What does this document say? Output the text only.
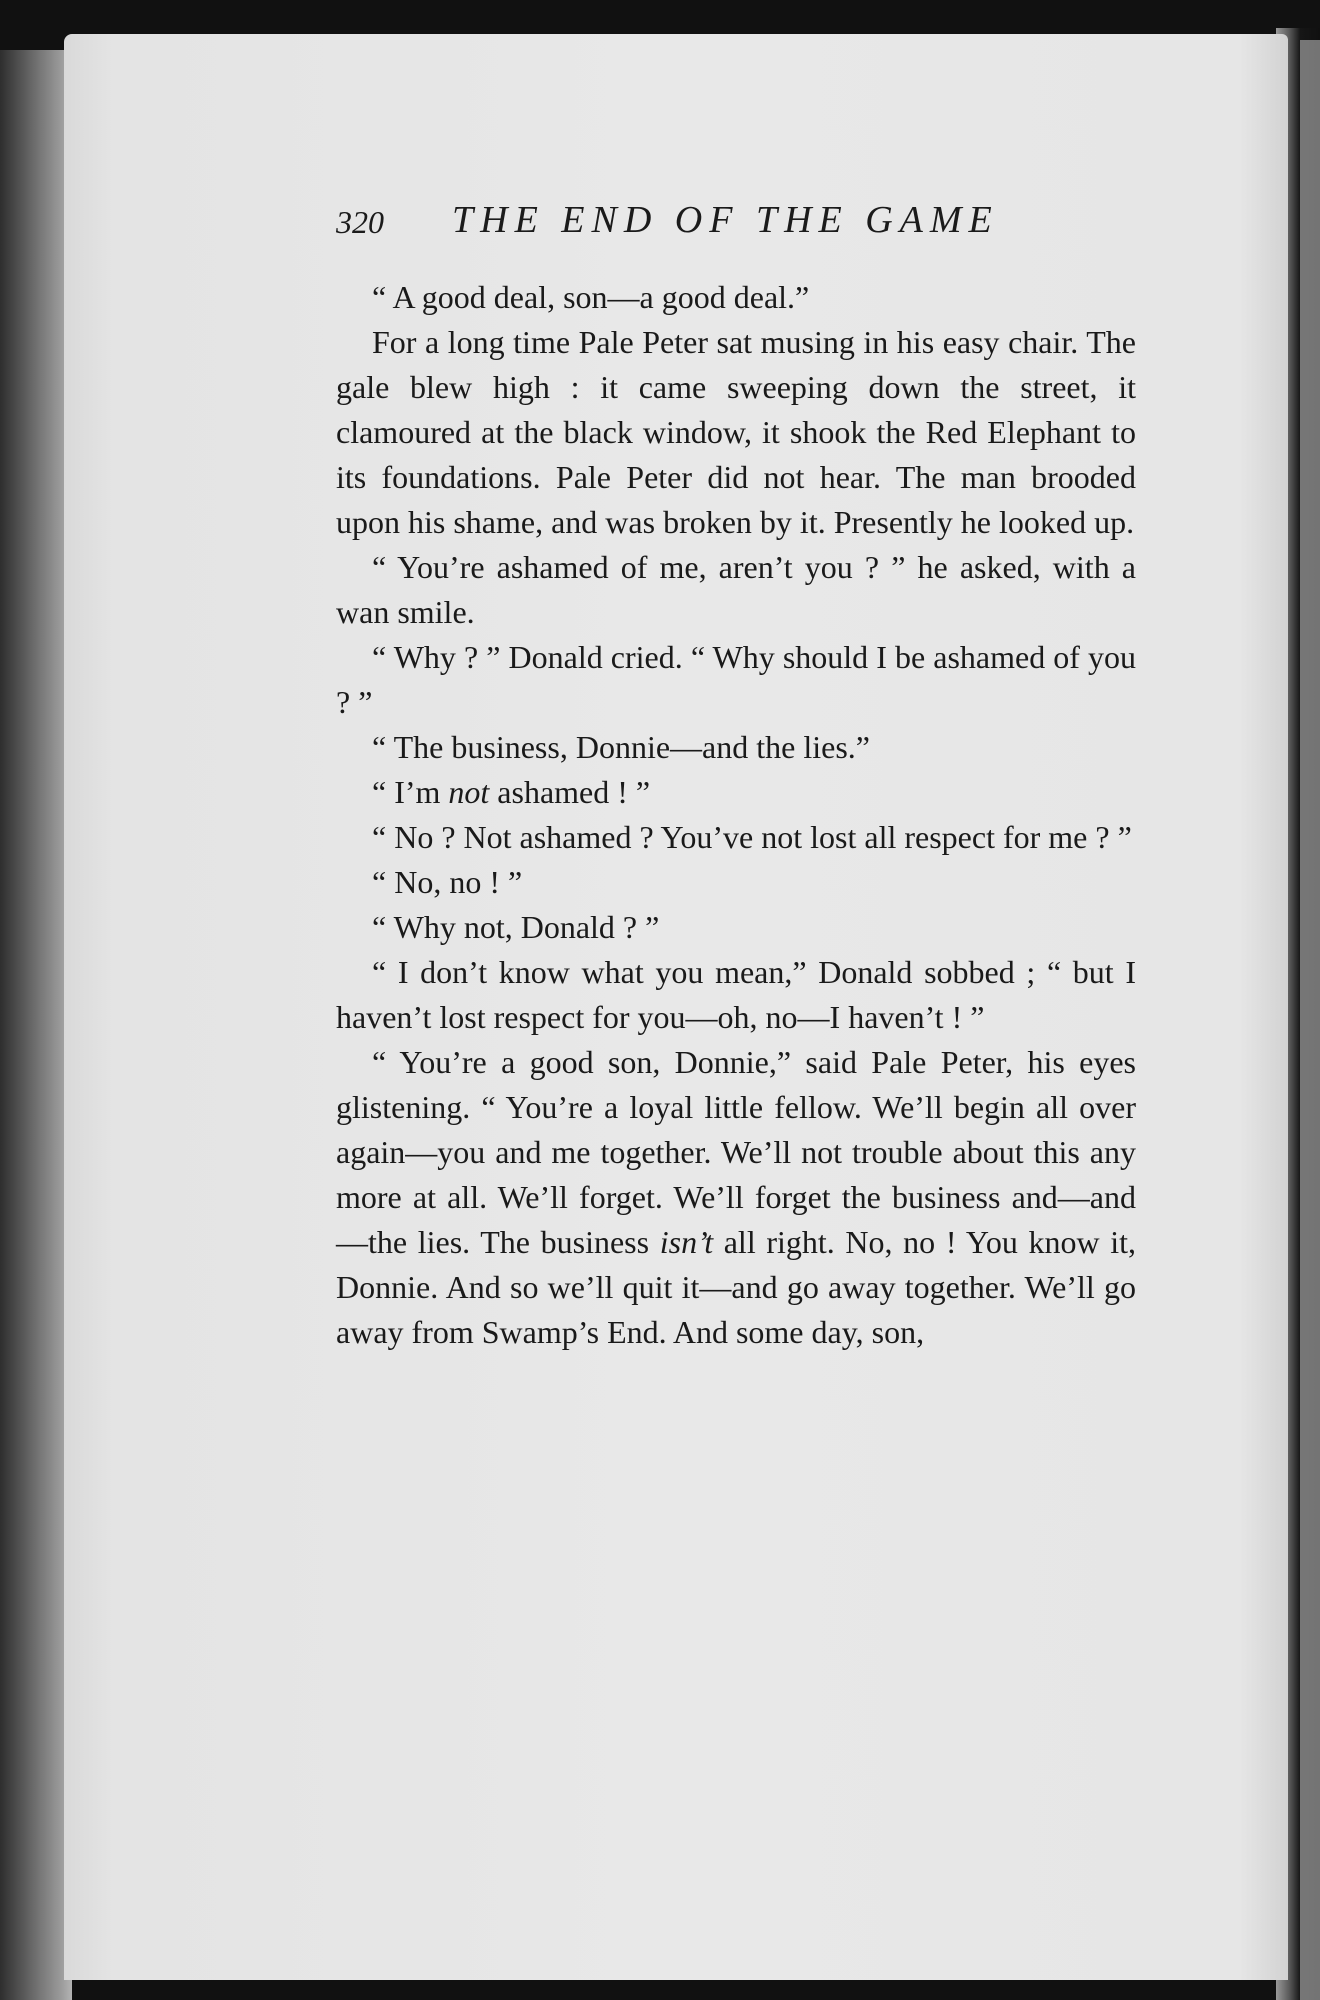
320 THE END OF THE GAME

“ A good deal, son—a good deal.”

For a long time Pale Peter sat musing in his easy chair. The gale blew high : it came sweeping down the street, it clamoured at the black window, it shook the Red Elephant to its foundations. Pale Peter did not hear. The man brooded upon his shame, and was broken by it. Presently he looked up.

“ You’re ashamed of me, aren’t you ? ” he asked, with a wan smile.

“ Why ? ” Donald cried. “ Why should I be ashamed of you ? ”

“ The business, Donnie—and the lies.”

“ I’m not ashamed ! ”

“ No ? Not ashamed ? You’ve not lost all respect for me ? ”

“ No, no ! ”

“ Why not, Donald ? ”

“ I don’t know what you mean,” Donald sobbed ; “ but I haven’t lost respect for you—oh, no—I haven’t ! ”

“ You’re a good son, Donnie,” said Pale Peter, his eyes glistening. “ You’re a loyal little fellow. We’ll begin all over again—you and me together. We’ll not trouble about this any more at all. We’ll forget. We’ll forget the business and—and—the lies. The business isn’t all right. No, no ! You know it, Donnie. And so we’ll quit it—and go away together. We’ll go away from Swamp’s End. And some day, son,
